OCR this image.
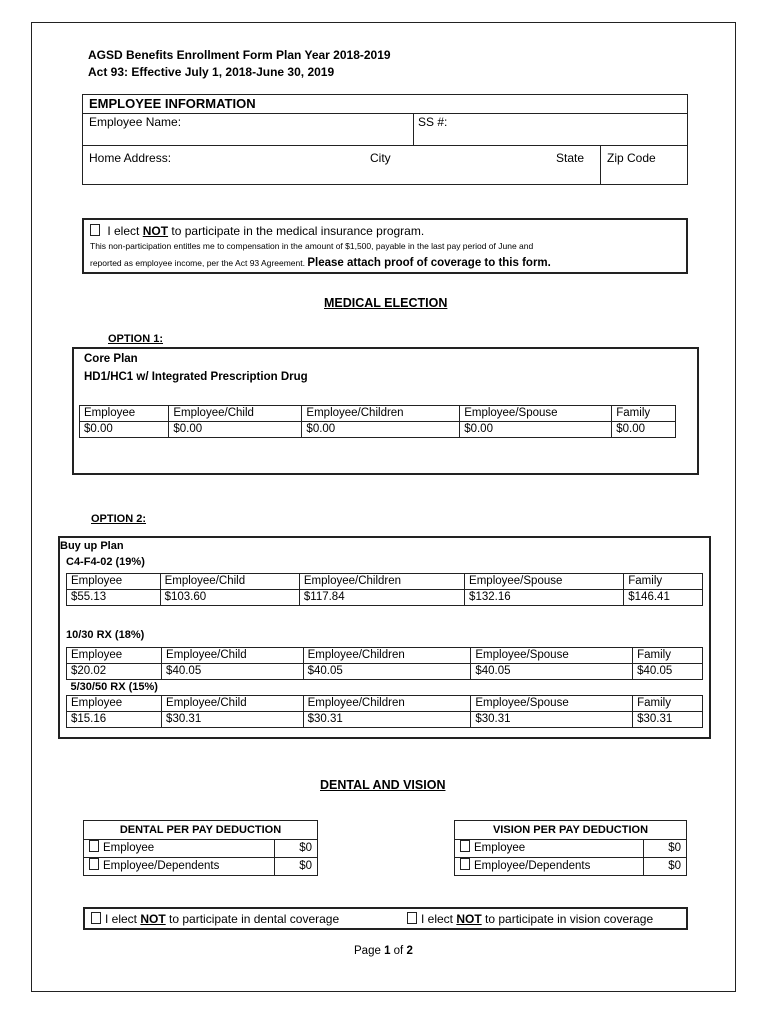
AGSD Benefits Enrollment Form Plan Year 2018-2019
Act 93: Effective July 1, 2018-June 30, 2019
EMPLOYEE INFORMATION
Employee Name:	SS #:
Home Address:	City	State Zip Code
I elect NOT to participate in the medical insurance program.
This non-participation entitles me to compensation in the amount of $1,500, payable in the last pay period of June and
reported as employee income, per the Act 93 Agreement. Please attach proof of coverage to this form.
MEDICAL ELECTION
OPTION 1:
Core Plan
HD1/HC1 w/ Integrated Prescription Drug
Employee	Employee/Child	Employee/Children	Employee/Spouse	Family
$0.00	$0.00	$0.00	$0.00	$0.00
OPTION 2:
Buy up Plan
C4-F4-02 (19%)
Employee	Employee/Child	Employee/Children	Employee/Spouse	Family
$55.13	$103.60	$117.84	$132.16	$146.41
10/30 RX (18%)
Employee	Employee/Child	Employee/Children	Employee/Spouse	Family
$20.02	$40.05	$40.05	$40.05	$40.05
5/30/50 RX (15%)				
Employee	Employee/Child	Employee/Children	Employee/Spouse	Family
$15.16	$30.31	$30.31	$30.31	$30.31
DENTAL AND VISION
DENTAL PER PAY DEDUCTION	
Employee	$0
Employee/Dependents	$0
VISION PER PAY DEDUCTION	
Employee	$0
Employee/Dependents	$0
I elect NOT to participate in dental coverage	I elect NOT to participate in vision coverage
Page 1 of 2
